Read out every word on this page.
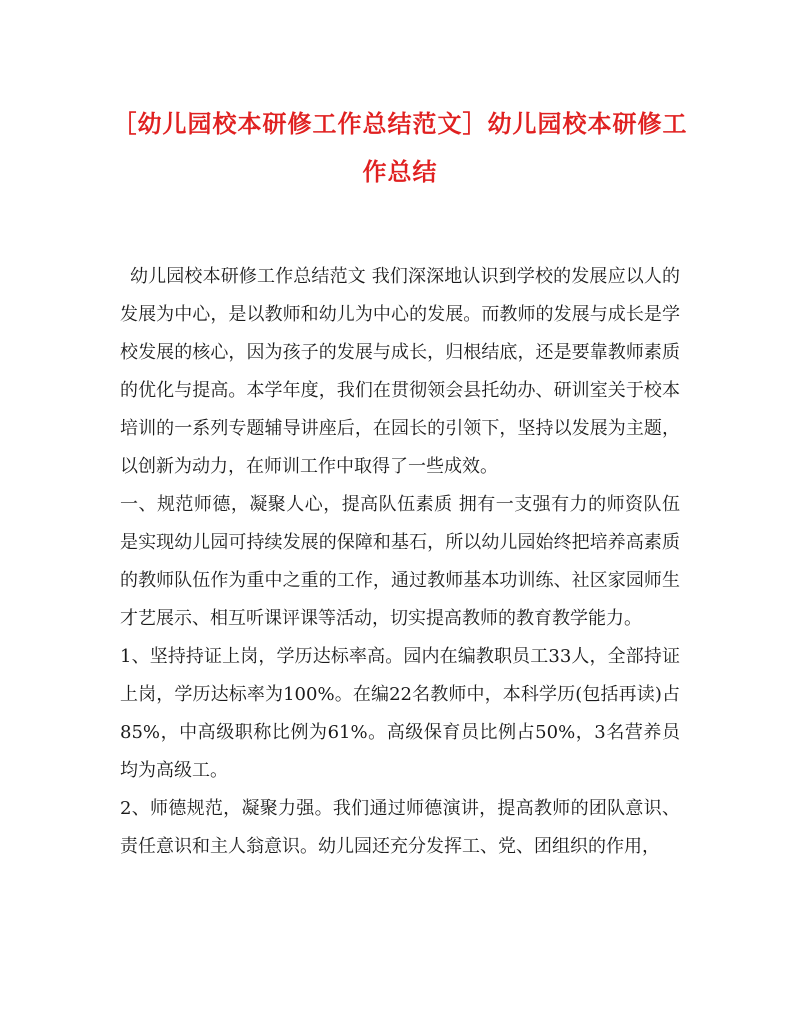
［幼儿园校本研修工作总结范文］幼儿园校本研修工作总结

幼儿园校本研修工作总结范文 我们深深地认识到学校的发展应以人的发展为中心，是以教师和幼儿为中心的发展。而教师的发展与成长是学校发展的核心，因为孩子的发展与成长，归根结底，还是要靠教师素质的优化与提高。本学年度，我们在贯彻领会县托幼办、研训室关于校本培训的一系列专题辅导讲座后，在园长的引领下，坚持以发展为主题，以创新为动力，在师训工作中取得了一些成效。

一、规范师德，凝聚人心，提高队伍素质 拥有一支强有力的师资队伍是实现幼儿园可持续发展的保障和基石，所以幼儿园始终把培养高素质的教师队伍作为重中之重的工作，通过教师基本功训练、社区家园师生才艺展示、相互听课评课等活动，切实提高教师的教育教学能力。

1、坚持持证上岗，学历达标率高。园内在编教职员工33人，全部持证上岗，学历达标率为100%。在编22名教师中，本科学历(包括再读)占85%，中高级职称比例为61%。高级保育员比例占50%，3名营养员均为高级工。

2、师德规范，凝聚力强。我们通过师德演讲，提高教师的团队意识、责任意识和主人翁意识。幼儿园还充分发挥工、党、团组织的作用，
